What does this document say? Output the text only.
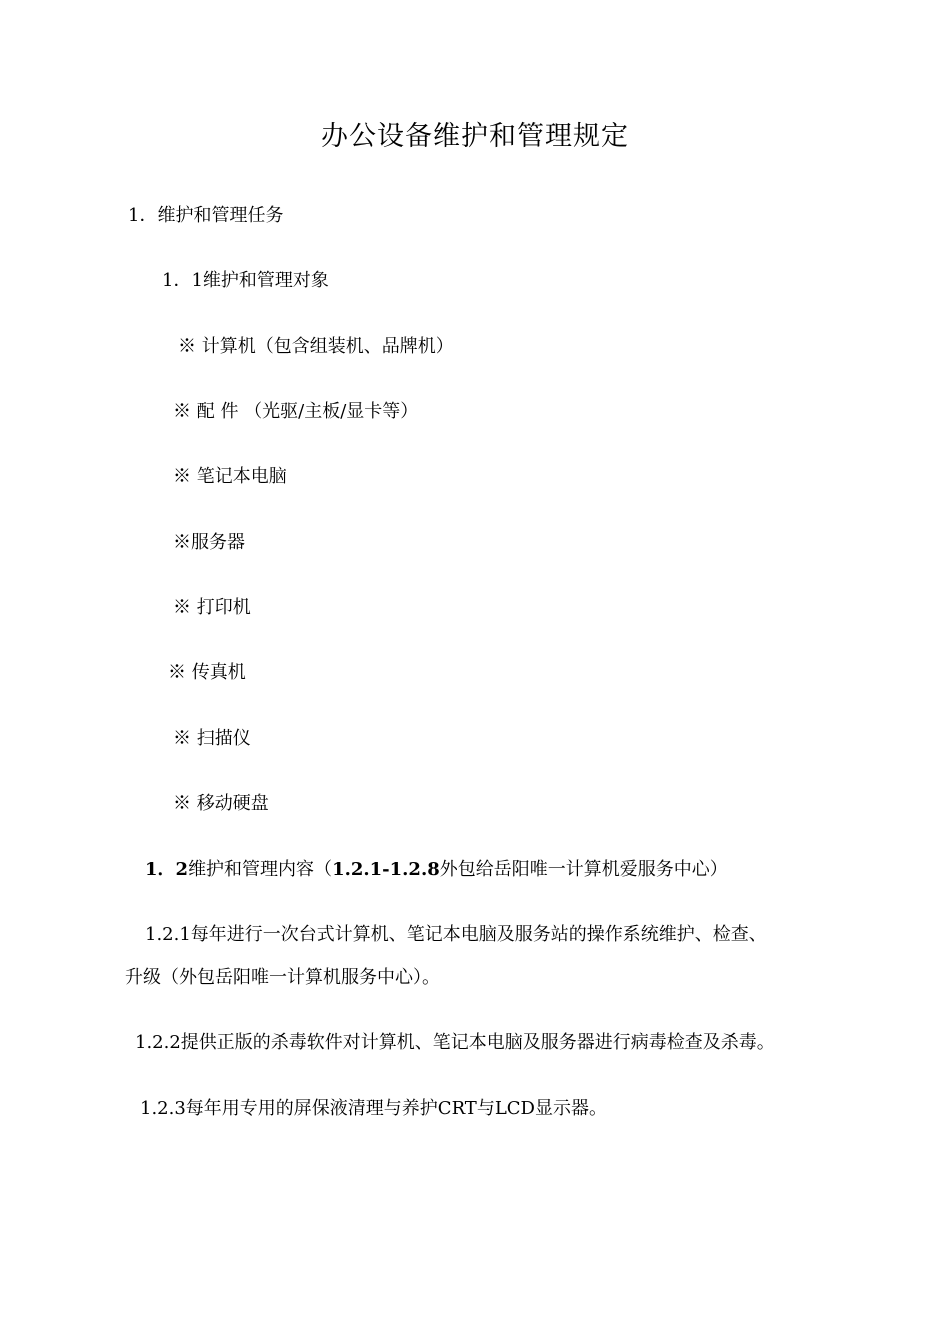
办公设备维护和管理规定
1．维护和管理任务
1．1维护和管理对象
※ 计算机（包含组装机、品牌机）
※ 配 件 （光驱/主板/显卡等）
※ 笔记本电脑
※服务器
※ 打印机
※ 传真机
※ 扫描仪
※ 移动硬盘
1．2维护和管理内容（1.2.1-1.2.8外包给岳阳唯一计算机爱服务中心）
1.2.1每年进行一次台式计算机、笔记本电脑及服务站的操作系统维护、检查、
升级（外包岳阳唯一计算机服务中心）。
1.2.2提供正版的杀毒软件对计算机、笔记本电脑及服务器进行病毒检查及杀毒。
1.2.3每年用专用的屏保液清理与养护CRT与LCD显示器。
